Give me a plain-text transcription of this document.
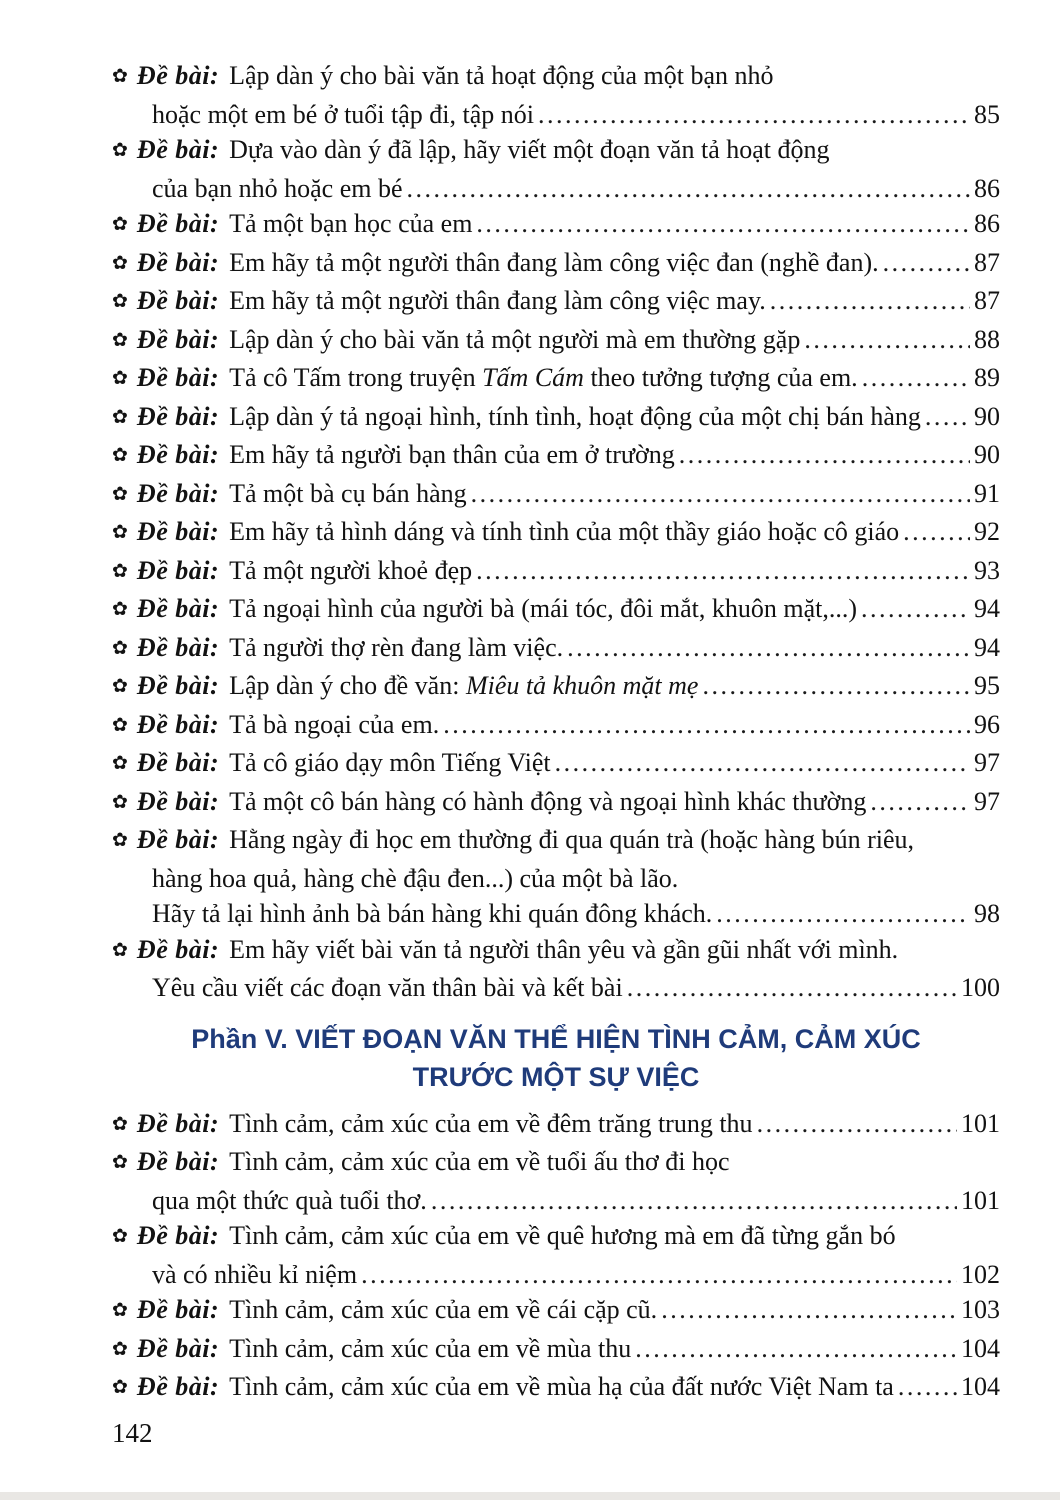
✿ Đề bài: Lập dàn ý cho bài văn tả hoạt động của một bạn nhỏ
hoặc một em bé ở tuổi tập đi, tập nói .....	85
✿ Đề bài: Dựa vào dàn ý đã lập, hãy viết một đoạn văn tả hoạt động
của bạn nhỏ hoặc em bé .....	86
✿ Đề bài: Tả một bạn học của em .....	86
✿ Đề bài: Em hãy tả một người thân đang làm công việc đan (nghề đan). .....	87
✿ Đề bài: Em hãy tả một người thân đang làm công việc may. .....	87
✿ Đề bài: Lập dàn ý cho bài văn tả một người mà em thường gặp .....	88
✿ Đề bài: Tả cô Tấm trong truyện Tấm Cám theo tưởng tượng của em. .....	89
✿ Đề bài: Lập dàn ý tả ngoại hình, tính tình, hoạt động của một chị bán hàng ..... 90
✿ Đề bài: Em hãy tả người bạn thân của em ở trường .....	90
✿ Đề bài: Tả một bà cụ bán hàng .....	91
✿ Đề bài: Em hãy tả hình dáng và tính tình của một thầy giáo hoặc cô giáo .....	92
✿ Đề bài: Tả một người khoẻ đẹp .....	93
✿ Đề bài: Tả ngoại hình của người bà (mái tóc, đôi mắt, khuôn mặt,...) .....	94
✿ Đề bài: Tả người thợ rèn đang làm việc. .....	94
✿ Đề bài: Lập dàn ý cho đề văn: Miêu tả khuôn mặt mẹ .....	95
✿ Đề bài: Tả bà ngoại của em. .....	96
✿ Đề bài: Tả cô giáo dạy môn Tiếng Việt .....	97
✿ Đề bài: Tả một cô bán hàng có hành động và ngoại hình khác thường .....	97
✿ Đề bài: Hằng ngày đi học em thường đi qua quán trà (hoặc hàng bún riêu,
hàng hoa quả, hàng chè đậu đen...) của một bà lão.
Hãy tả lại hình ảnh bà bán hàng khi quán đông khách. .....	98
✿ Đề bài: Em hãy viết bài văn tả người thân yêu và gần gũi nhất với mình.
Yêu cầu viết các đoạn văn thân bài và kết bài .....	100
Phần V. VIẾT ĐOẠN VĂN THỂ HIỆN TÌNH CẢM, CẢM XÚC
TRƯỚC MỘT SỰ VIỆC
✿ Đề bài: Tình cảm, cảm xúc của em về đêm trăng trung thu .....	101
✿ Đề bài: Tình cảm, cảm xúc của em về tuổi ấu thơ đi học
qua một thức quà tuổi thơ. .....	101
✿ Đề bài: Tình cảm, cảm xúc của em về quê hương mà em đã từng gắn bó
và có nhiều kỉ niệm .....	102
✿ Đề bài: Tình cảm, cảm xúc của em về cái cặp cũ. .....	103
✿ Đề bài: Tình cảm, cảm xúc của em về mùa thu .....	104
✿ Đề bài: Tình cảm, cảm xúc của em về mùa hạ của đất nước Việt Nam ta .....	104
142
